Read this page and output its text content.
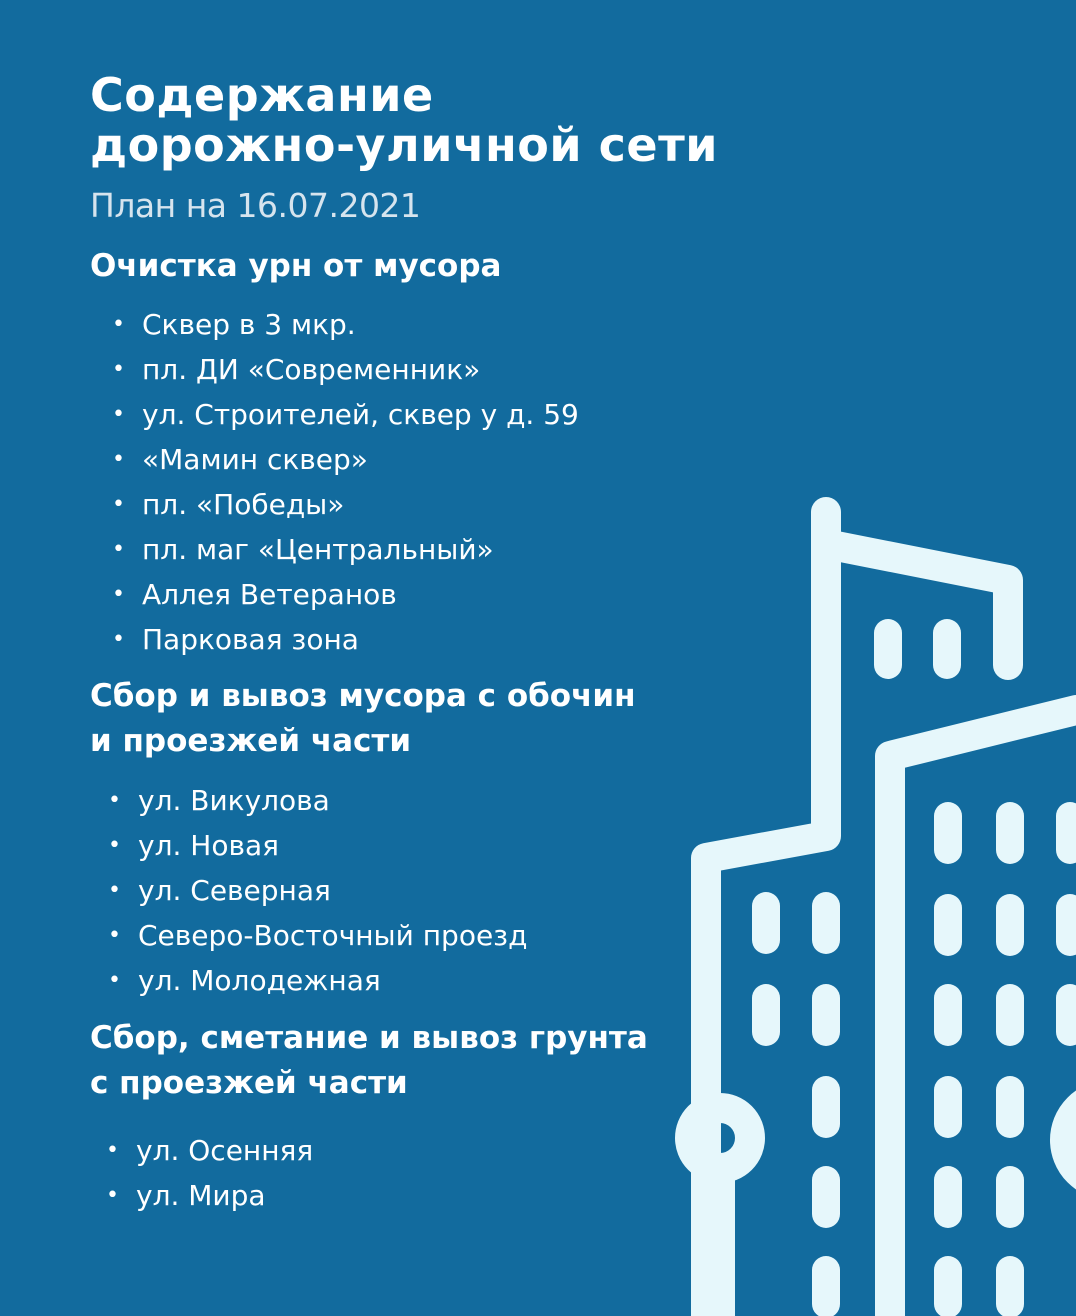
Содержание
дорожно-уличной сети

План на 16.07.2021

Очистка урн от мусора
• Сквер в 3 мкр.
• пл. ДИ «Современник»
• ул. Строителей, сквер у д. 59
• «Мамин сквер»
• пл. «Победы»
• пл. маг «Центральный»
• Аллея Ветеранов
• Парковая зона
Сбор и вывоз мусора с обочин
и проезжей части
• ул. Викулова
• ул. Новая
• ул. Северная
• Северо-Восточный проезд
• ул. Молодежная
Сбор, сметание и вывоз грунта
с проезжей части
• ул. Осенняя
• ул. Мира
